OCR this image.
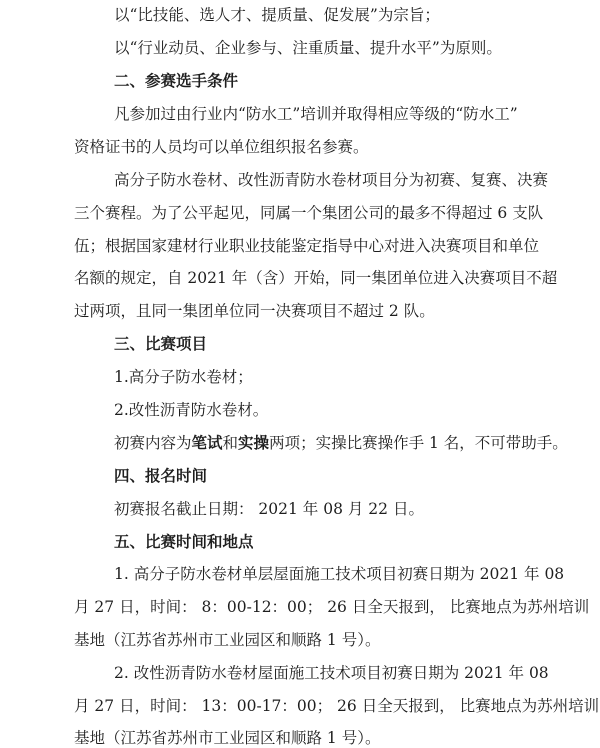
以“比技能、选人才、提质量、促发展”为宗旨；
以“行业动员、企业参与、注重质量、提升水平”为原则。
二、参赛选手条件
凡参加过由行业内“防水工”培训并取得相应等级的“防水工”
资格证书的人员均可以单位组织报名参赛。
高分子防水卷材、改性沥青防水卷材项目分为初赛、复赛、决赛
三个赛程。为了公平起见，同属一个集团公司的最多不得超过 6 支队
伍；根据国家建材行业职业技能鉴定指导中心对进入决赛项目和单位
名额的规定，自 2021 年（含）开始，同一集团单位进入决赛项目不超
过两项，且同一集团单位同一决赛项目不超过 2 队。
三、比赛项目
1.高分子防水卷材；
2.改性沥青防水卷材。
初赛内容为笔试和实操两项；实操比赛操作手 1 名，不可带助手。
四、报名时间
初赛报名截止日期： 2021 年 08 月 22 日。
五、比赛时间和地点
1. 高分子防水卷材单层屋面施工技术项目初赛日期为 2021 年 08
月 27 日，时间： 8：00-12：00； 26 日全天报到， 比赛地点为苏州培训
基地（江苏省苏州市工业园区和顺路 1 号）。
2. 改性沥青防水卷材屋面施工技术项目初赛日期为 2021 年 08
月 27 日，时间： 13：00-17：00； 26 日全天报到， 比赛地点为苏州培训
基地（江苏省苏州市工业园区和顺路 1 号）。
